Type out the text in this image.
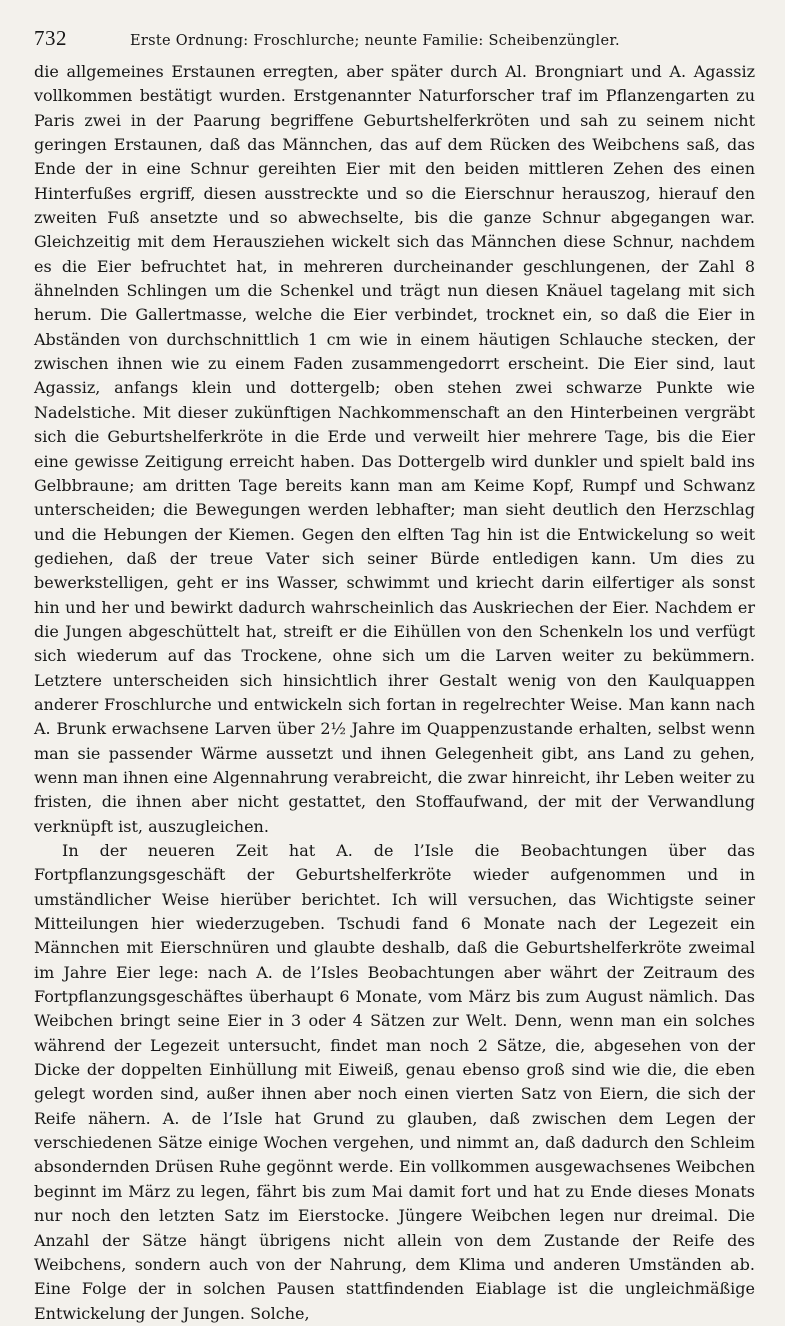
732	Erste Ordnung: Froschlurche; neunte Familie: Scheibenzüngler.

die allgemeines Erstaunen erregten, aber später durch Al. Brongniart und A. Agassiz vollkommen bestätigt wurden. Erstgenannter Naturforscher traf im Pflanzengarten zu Paris zwei in der Paarung begriffene Geburtshelferkröten und sah zu seinem nicht geringen Erstaunen, daß das Männchen, das auf dem Rücken des Weibchens saß, das Ende der in eine Schnur gereihten Eier mit den beiden mittleren Zehen des einen Hinterfußes ergriff, diesen ausstreckte und so die Eierschnur herauszog, hierauf den zweiten Fuß ansetzte und so abwechselte, bis die ganze Schnur abgegangen war. Gleichzeitig mit dem Herausziehen wickelt sich das Männchen diese Schnur, nachdem es die Eier befruchtet hat, in mehreren durcheinander geschlungenen, der Zahl 8 ähnelnden Schlingen um die Schenkel und trägt nun diesen Knäuel tagelang mit sich herum. Die Gallertmasse, welche die Eier verbindet, trocknet ein, so daß die Eier in Abständen von durchschnittlich 1 cm wie in einem häutigen Schlauche stecken, der zwischen ihnen wie zu einem Faden zusammengedorrt erscheint. Die Eier sind, laut Agassiz, anfangs klein und dottergelb; oben stehen zwei schwarze Punkte wie Nadelstiche. Mit dieser zukünftigen Nachkommenschaft an den Hinterbeinen vergräbt sich die Geburtshelferkröte in die Erde und verweilt hier mehrere Tage, bis die Eier eine gewisse Zeitigung erreicht haben. Das Dottergelb wird dunkler und spielt bald ins Gelbbraune; am dritten Tage bereits kann man am Keime Kopf, Rumpf und Schwanz unterscheiden; die Bewegungen werden lebhafter; man sieht deutlich den Herzschlag und die Hebungen der Kiemen. Gegen den elften Tag hin ist die Entwickelung so weit gediehen, daß der treue Vater sich seiner Bürde entledigen kann. Um dies zu bewerkstelligen, geht er ins Wasser, schwimmt und kriecht darin eilfertiger als sonst hin und her und bewirkt dadurch wahrscheinlich das Auskriechen der Eier. Nachdem er die Jungen abgeschüttelt hat, streift er die Eihüllen von den Schenkeln los und verfügt sich wiederum auf das Trockene, ohne sich um die Larven weiter zu bekümmern. Letztere unterscheiden sich hinsichtlich ihrer Gestalt wenig von den Kaulquappen anderer Froschlurche und entwickeln sich fortan in regelrechter Weise. Man kann nach A. Brunk erwachsene Larven über 2½ Jahre im Quappenzustande erhalten, selbst wenn man sie passender Wärme aussetzt und ihnen Gelegenheit gibt, ans Land zu gehen, wenn man ihnen eine Algennahrung verabreicht, die zwar hinreicht, ihr Leben weiter zu fristen, die ihnen aber nicht gestattet, den Stoffaufwand, der mit der Verwandlung verknüpft ist, auszugleichen.

In der neueren Zeit hat A. de l’Isle die Beobachtungen über das Fortpflanzungsgeschäft der Geburtshelferkröte wieder aufgenommen und in umständlicher Weise hierüber berichtet. Ich will versuchen, das Wichtigste seiner Mitteilungen hier wiederzugeben. Tschudi fand 6 Monate nach der Legezeit ein Männchen mit Eierschnüren und glaubte deshalb, daß die Geburtshelferkröte zweimal im Jahre Eier lege: nach A. de l’Isles Beobachtungen aber währt der Zeitraum des Fortpflanzungsgeschäftes überhaupt 6 Monate, vom März bis zum August nämlich. Das Weibchen bringt seine Eier in 3 oder 4 Sätzen zur Welt. Denn, wenn man ein solches während der Legezeit untersucht, findet man noch 2 Sätze, die, abgesehen von der Dicke der doppelten Einhüllung mit Eiweiß, genau ebenso groß sind wie die, die eben gelegt worden sind, außer ihnen aber noch einen vierten Satz von Eiern, die sich der Reife nähern. A. de l’Isle hat Grund zu glauben, daß zwischen dem Legen der verschiedenen Sätze einige Wochen vergehen, und nimmt an, daß dadurch den Schleim absondernden Drüsen Ruhe gegönnt werde. Ein vollkommen ausgewachsenes Weibchen beginnt im März zu legen, fährt bis zum Mai damit fort und hat zu Ende dieses Monats nur noch den letzten Satz im Eierstocke. Jüngere Weibchen legen nur dreimal. Die Anzahl der Sätze hängt übrigens nicht allein von dem Zustande der Reife des Weibchens, sondern auch von der Nahrung, dem Klima und anderen Umständen ab. Eine Folge der in solchen Pausen stattfindenden Eiablage ist die ungleichmäßige Entwickelung der Jungen. Solche,
